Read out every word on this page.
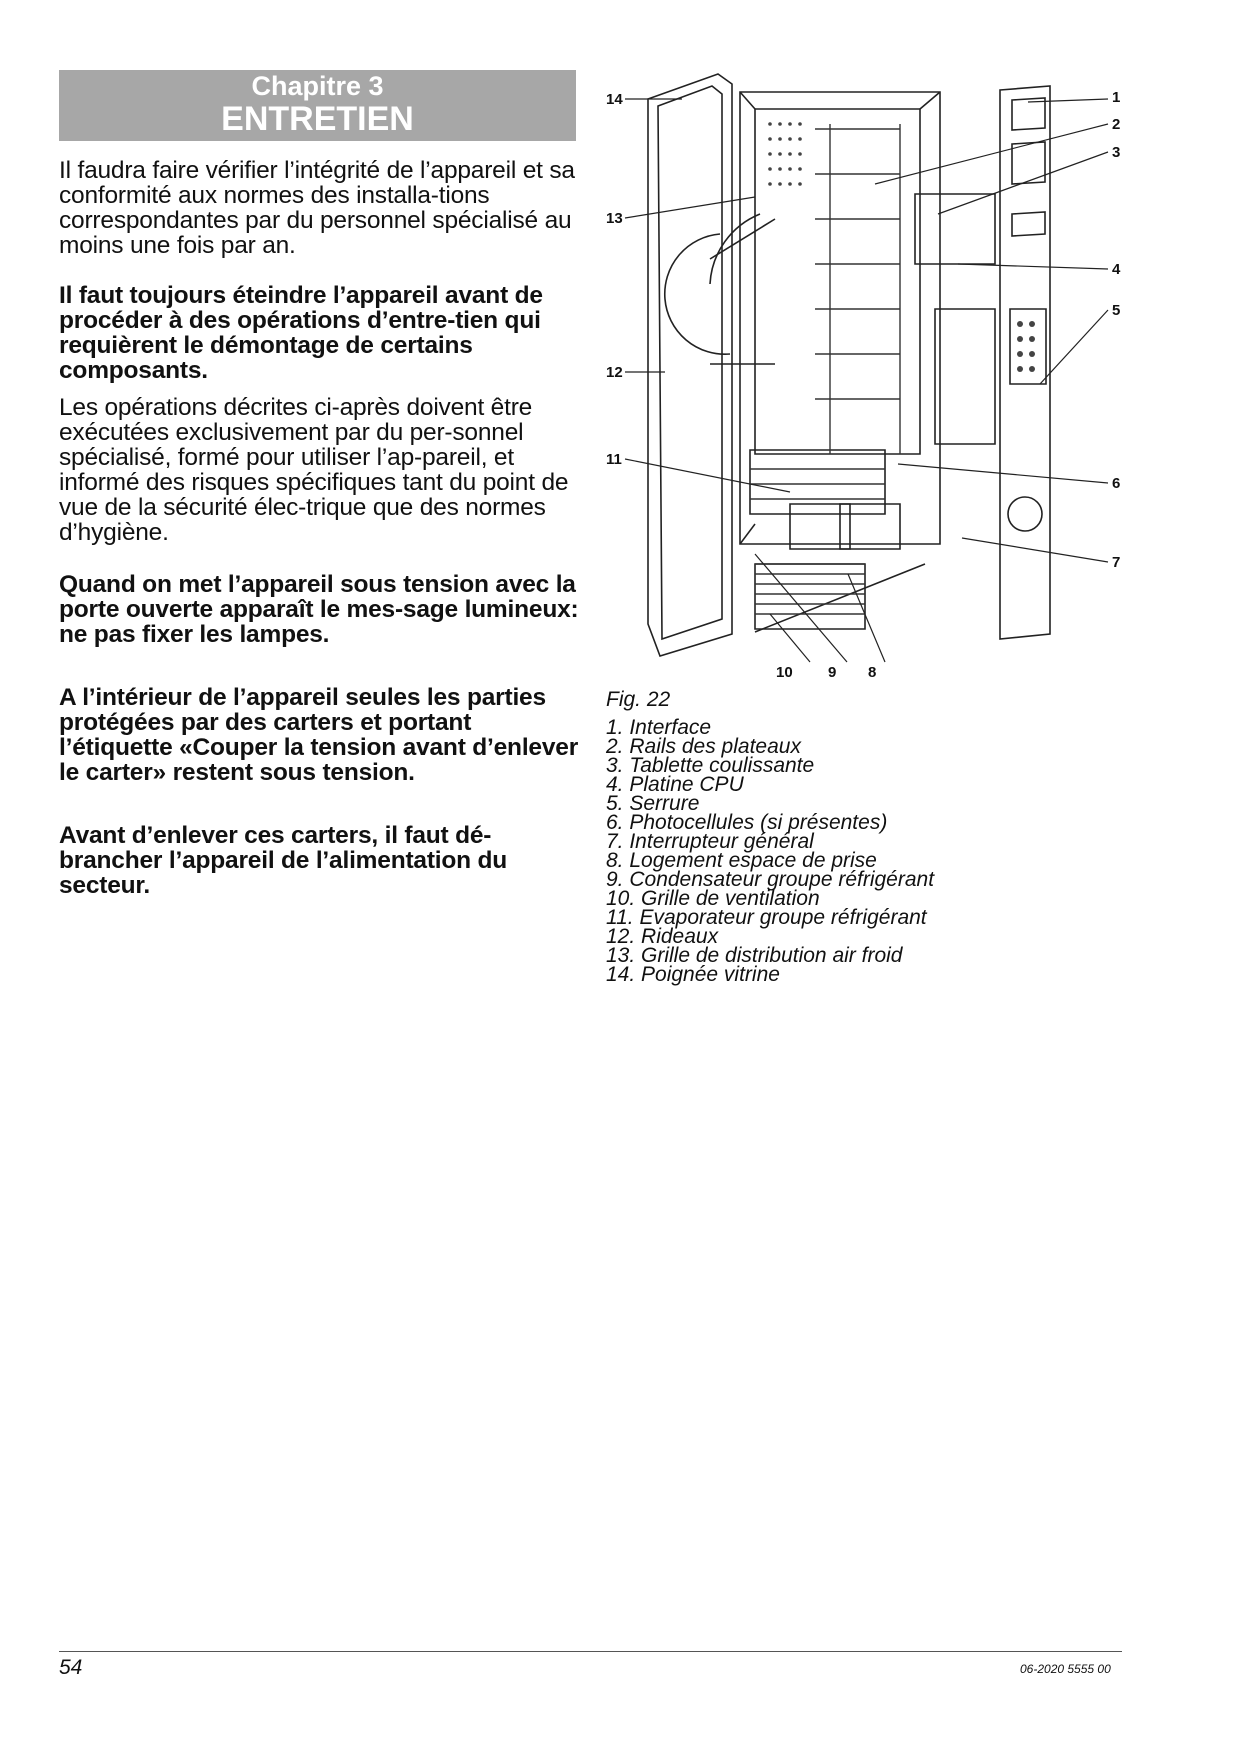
Chapitre 3
ENTRETIEN

Il faudra faire vérifier l’intégrité de l’appareil et sa conformité aux normes des installa-tions correspondantes par du personnel spécialisé au moins une fois par an.

Il faut toujours éteindre l’appareil avant de procéder à des opérations d’entre-tien qui requièrent le démontage de certains composants.

Les opérations décrites ci-après doivent être exécutées exclusivement par du per-sonnel spécialisé, formé pour utiliser l’ap-pareil, et informé des risques spécifiques tant du point de vue de la sécurité élec-trique que des normes d’hygiène.

Quand on met l’appareil sous tension avec la porte ouverte apparaît le mes-sage lumineux: ne pas fixer les lampes.

A l’intérieur de l’appareil seules les parties protégées par des carters et portant l’étiquette «Couper la tension avant d’enlever le carter» restent sous tension.

Avant d’enlever ces carters, il faut dé-brancher l’appareil de l’alimentation du secteur.

14
13
12
11
1
2
3
4
5
6
7
10 9 8
Fig. 22
1. Interface
2. Rails des plateaux
3. Tablette coulissante
4. Platine CPU
5. Serrure
6. Photocellules (si présentes)
7. Interrupteur général
8. Logement espace de prise
9. Condensateur groupe réfrigérant
10. Grille de ventilation
11. Evaporateur groupe réfrigérant
12. Rideaux
13. Grille de distribution air froid
14. Poignée vitrine
54	06-2020 5555 00
